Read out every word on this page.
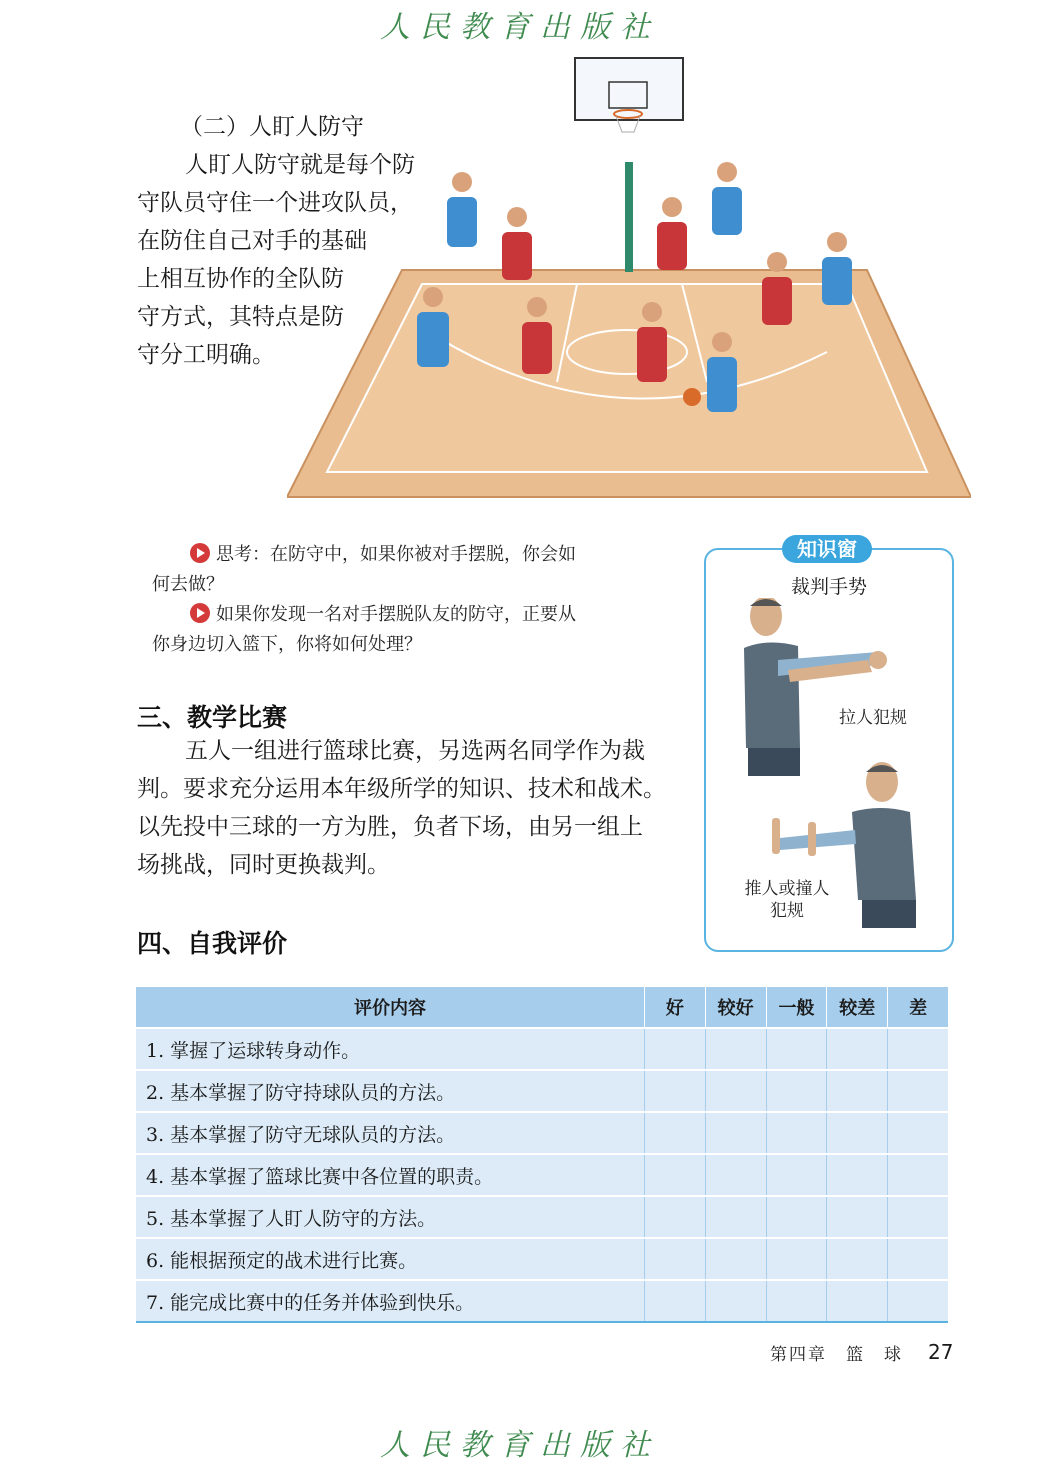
人民教育出版社
（二）人盯人防守
人盯人防守就是每个防
守队员守住一个进攻队员，
在防住自己对手的基础
上相互协作的全队防
守方式，其特点是防
守分工明确。

思考：在防守中，如果你被对手摆脱，你会如

何去做？

如果你发现一名对手摆脱队友的防守，正要从

你身边切入篮下，你将如何处理？

知识窗
裁判手势
拉人犯规
推人或撞人
犯规
三、教学比赛
五人一组进行篮球比赛，另选两名同学作为裁
判。要求充分运用本年级所学的知识、技术和战术。
以先投中三球的一方为胜，负者下场，由另一组上
场挑战，同时更换裁判。
四、自我评价
评价内容	好	较好	一般	较差	差
1. 掌握了运球转身动作。					
2. 基本掌握了防守持球队员的方法。					
3. 基本掌握了防守无球队员的方法。					
4. 基本掌握了篮球比赛中各位置的职责。					
5. 基本掌握了人盯人防守的方法。					
6. 能根据预定的战术进行比赛。					
7. 能完成比赛中的任务并体验到快乐。					
第四章　篮　球 27
人民教育出版社
